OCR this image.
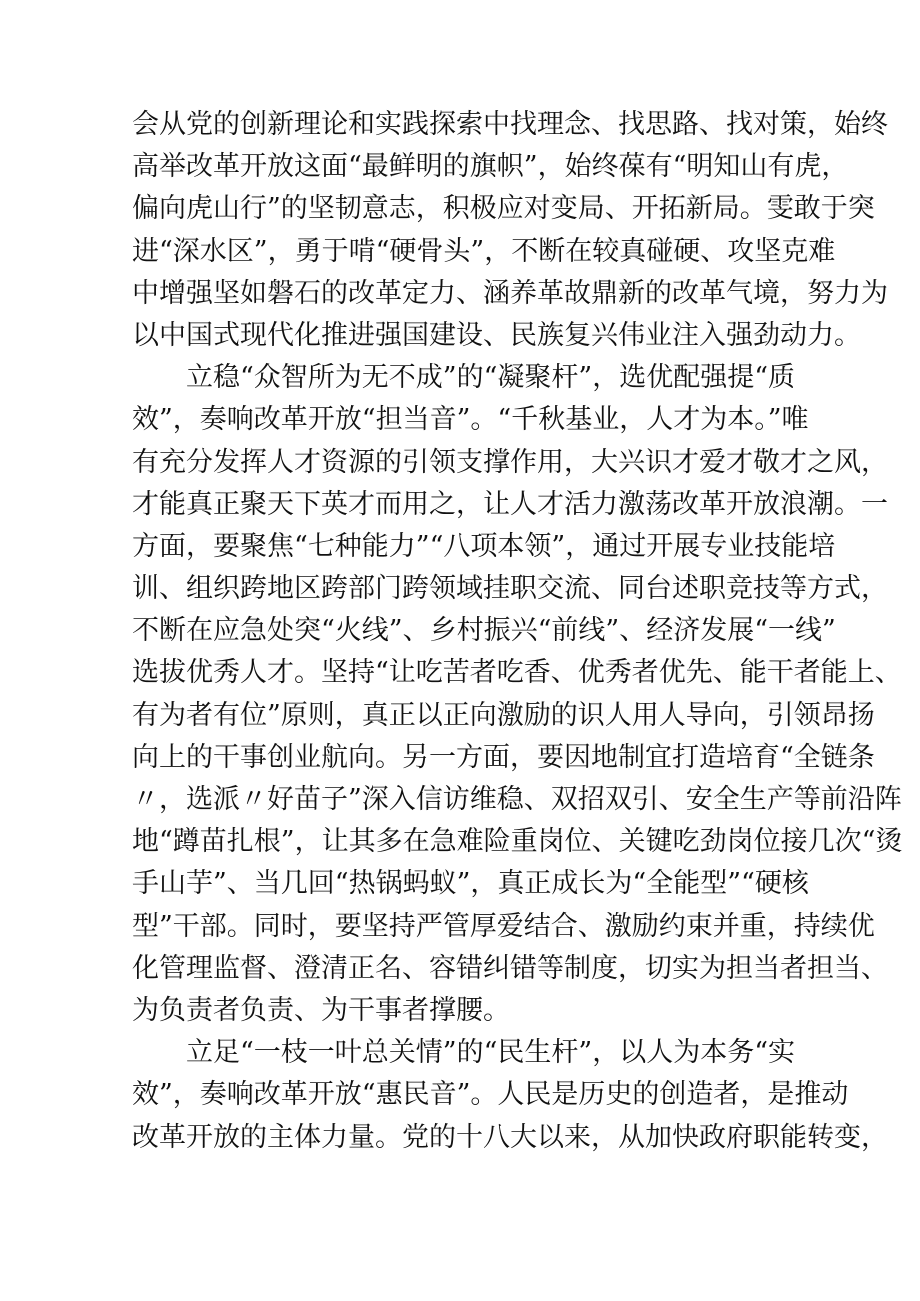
会从党的创新理论和实践探索中找理念、找思路、找对策，始终
高举改革开放这面“最鲜明的旗帜”，始终葆有“明知山有虎，
偏向虎山行”的坚韧意志，积极应对变局、开拓新局。雯敢于突
进“深水区”，勇于啃“硬骨头”，不断在较真碰硬、攻坚克难
中增强坚如磐石的改革定力、涵养革故鼎新的改革气境，努力为
以中国式现代化推进强国建设、民族复兴伟业注入强劲动力。
　　立稳“众智所为无不成”的“凝聚杆”，选优配强提“质
效”，奏响改革开放“担当音”。“千秋基业，人才为本。”唯
有充分发挥人才资源的引领支撑作用，大兴识才爱才敬才之风，
才能真正聚天下英才而用之，让人才活力激荡改革开放浪潮。一
方面，要聚焦“七种能力”“八项本领”，通过开展专业技能培
训、组织跨地区跨部门跨领域挂职交流、同台述职竞技等方式，
不断在应急处突“火线”、乡村振兴“前线”、经济发展“一线”
选拔优秀人才。坚持“让吃苦者吃香、优秀者优先、能干者能上、
有为者有位”原则，真正以正向激励的识人用人导向，引领昂扬
向上的干事创业航向。另一方面，要因地制宜打造培育“全链条
〃，选派〃好苗子”深入信访维稳、双招双引、安全生产等前沿阵
地“蹲苗扎根”，让其多在急难险重岗位、关键吃劲岗位接几次“烫
手山芋”、当几回“热锅蚂蚁”，真正成长为“全能型”“硬核
型”干部。同时，要坚持严管厚爱结合、激励约束并重，持续优
化管理监督、澄清正名、容错纠错等制度，切实为担当者担当、
为负责者负责、为干事者撑腰。
　　立足“一枝一叶总关情”的“民生杆”，以人为本务“实
效”，奏响改革开放“惠民音”。人民是历史的创造者，是推动
改革开放的主体力量。党的十八大以来，从加快政府职能转变，
